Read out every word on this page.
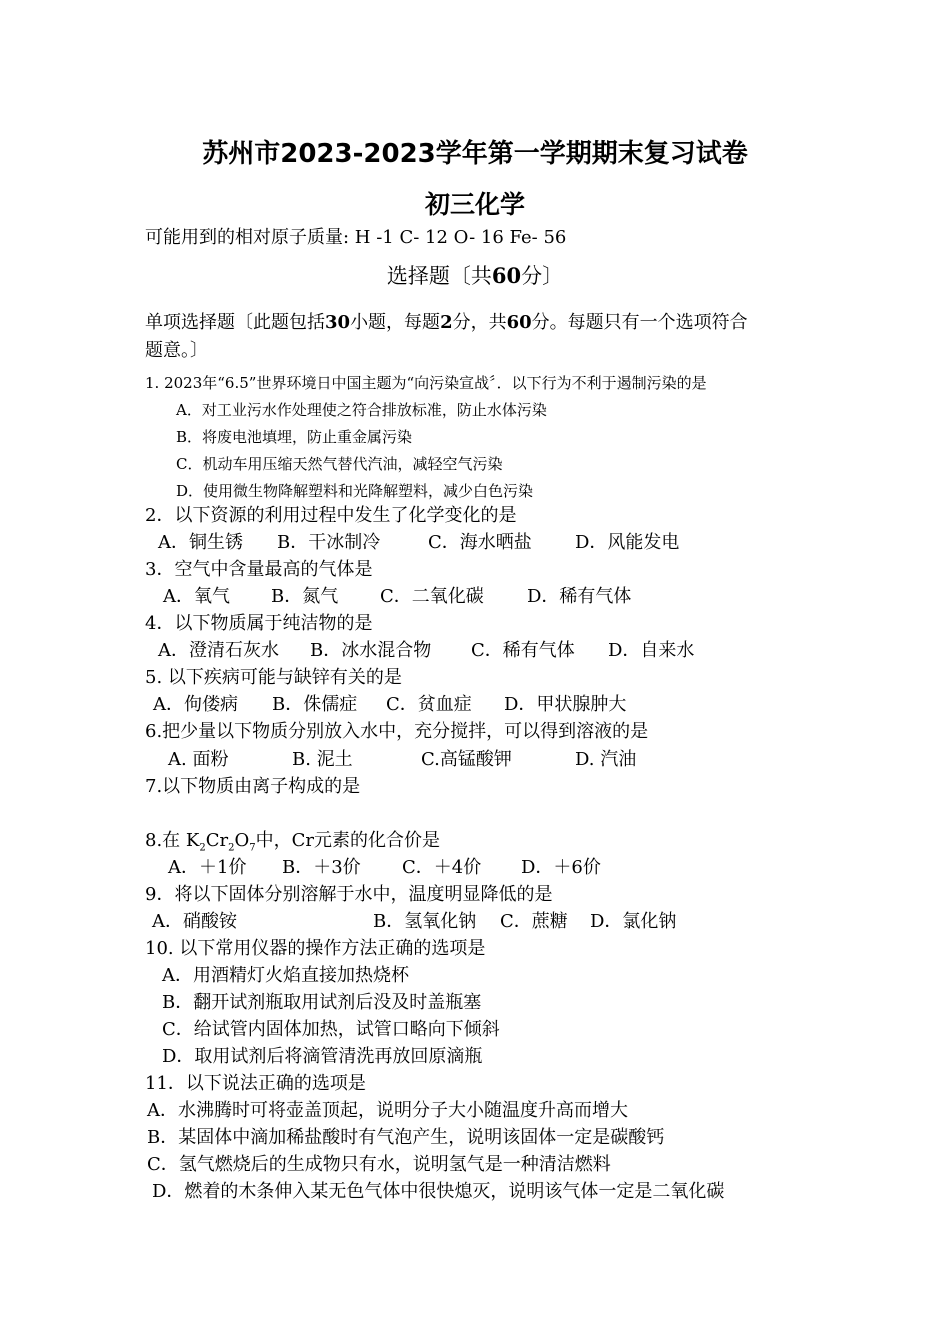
苏州市2023-2023学年第一学期期末复习试卷
初三化学
可能用到的相对原子质量: H -1 C- 12 O- 16 Fe- 56
选择题〔共60分〕
单项选择题〔此题包括30小题，每题2分，共60分。每题只有一个选项符合
题意。〕
1. 2023年“6.5”世界环境日中国主题为“向污染宣战〞．以下行为不利于遏制污染的是
A．对工业污水作处理使之符合排放标准，防止水体污染
B．将废电池填埋，防止重金属污染
C．机动车用压缩天然气替代汽油，减轻空气污染
D．使用微生物降解塑料和光降解塑料，减少白色污染
2．以下资源的利用过程中发生了化学变化的是
A．铜生锈 B．干冰制冷	C．海水晒盐 D．风能发电
3．空气中含量最高的气体是
A．氧气 B．氮气 C．二氧化碳 D．稀有气体
4．以下物质属于纯洁物的是
A．澄清石灰水 B．冰水混合物 C．稀有气体 D．自来水
5. 以下疾病可能与缺锌有关的是
A．佝偻病 B．侏儒症 C．贫血症 D．甲状腺肿大
6.把少量以下物质分别放入水中，充分搅拌，可以得到溶液的是
A. 面粉	B. 泥土	C.高锰酸钾	D. 汽油
7.以下物质由离子构成的是
8.在 $K_2Cr_2O_7$中，Cr元素的化合价是
A．＋1价 B．＋3价 C．＋4价 D．＋6价
9．将以下固体分别溶解于水中，温度明显降低的是
A．硝酸铵	B．氢氧化钠 C．蔗糖 D．氯化钠
10. 以下常用仪器的操作方法正确的选项是
A．用酒精灯火焰直接加热烧杯
B．翻开试剂瓶取用试剂后没及时盖瓶塞
C．给试管内固体加热，试管口略向下倾斜
D．取用试剂后将滴管清洗再放回原滴瓶
11．以下说法正确的选项是
A．水沸腾时可将壶盖顶起，说明分子大小随温度升高而增大
B．某固体中滴加稀盐酸时有气泡产生，说明该固体一定是碳酸钙
C．氢气燃烧后的生成物只有水，说明氢气是一种清洁燃料
D．燃着的木条伸入某无色气体中很快熄灭，说明该气体一定是二氧化碳
